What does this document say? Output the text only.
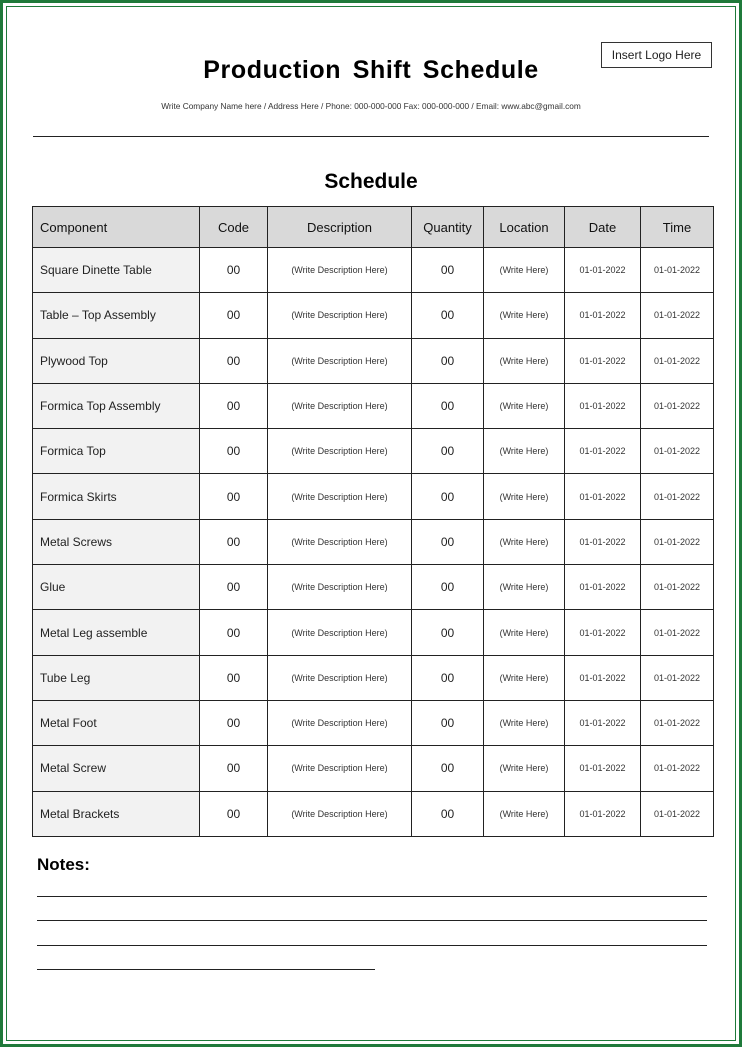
Insert Logo Here
Production Shift Schedule
Write Company Name here / Address Here / Phone: 000-000-000 Fax: 000-000-000 / Email: www.abc@gmail.com
Schedule
Component	Code	Description	Quantity	Location	Date	Time
Square Dinette Table	00	(Write Description Here)	00	(Write Here)	01-01-2022	01-01-2022
Table – Top Assembly	00	(Write Description Here)	00	(Write Here)	01-01-2022	01-01-2022
Plywood Top	00	(Write Description Here)	00	(Write Here)	01-01-2022	01-01-2022
Formica Top Assembly	00	(Write Description Here)	00	(Write Here)	01-01-2022	01-01-2022
Formica Top	00	(Write Description Here)	00	(Write Here)	01-01-2022	01-01-2022
Formica Skirts	00	(Write Description Here)	00	(Write Here)	01-01-2022	01-01-2022
Metal Screws	00	(Write Description Here)	00	(Write Here)	01-01-2022	01-01-2022
Glue	00	(Write Description Here)	00	(Write Here)	01-01-2022	01-01-2022
Metal Leg assemble	00	(Write Description Here)	00	(Write Here)	01-01-2022	01-01-2022
Tube Leg	00	(Write Description Here)	00	(Write Here)	01-01-2022	01-01-2022
Metal Foot	00	(Write Description Here)	00	(Write Here)	01-01-2022	01-01-2022
Metal Screw	00	(Write Description Here)	00	(Write Here)	01-01-2022	01-01-2022
Metal Brackets	00	(Write Description Here)	00	(Write Here)	01-01-2022	01-01-2022
Notes:
